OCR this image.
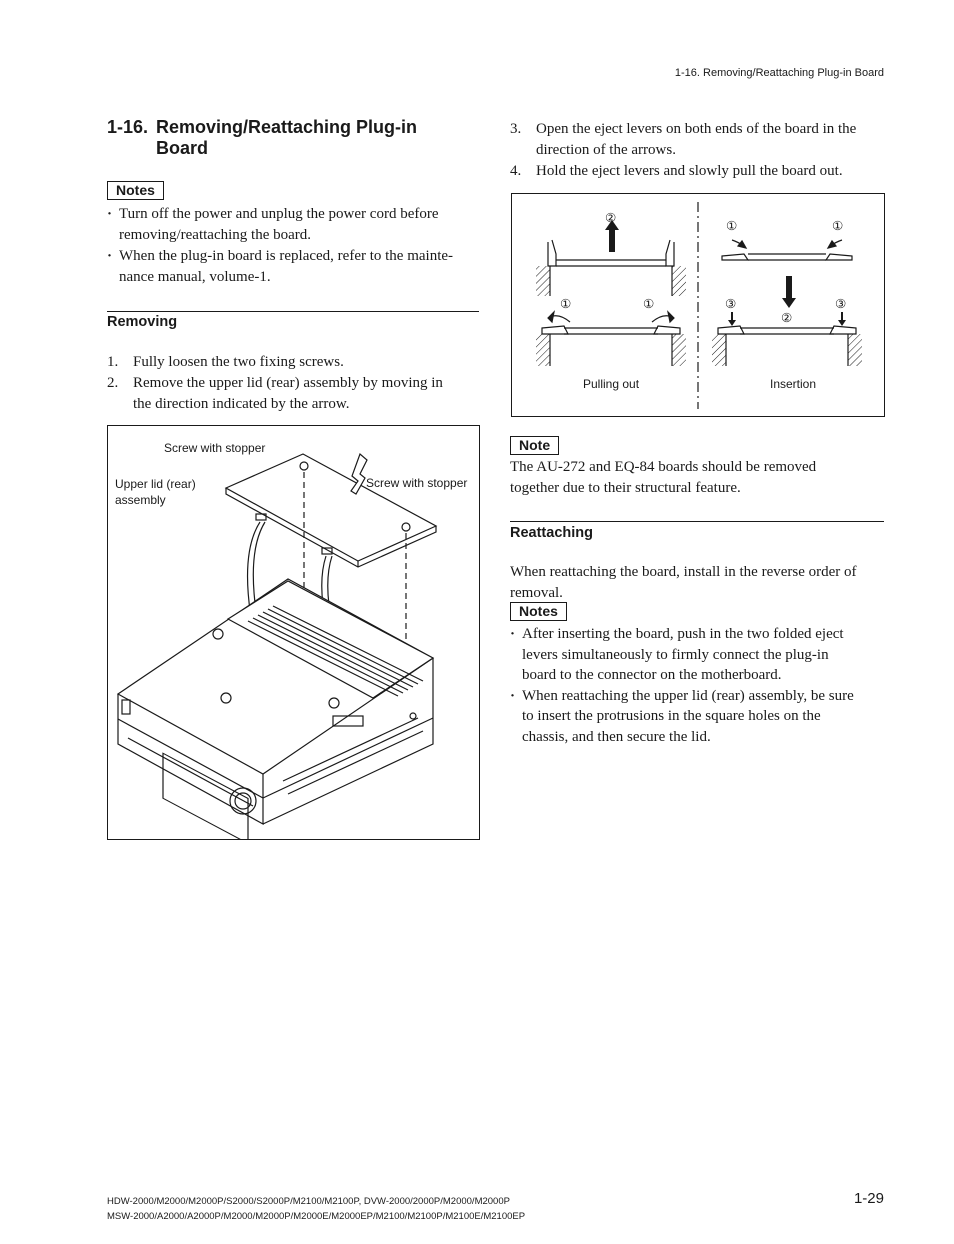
1-16. Removing/Reattaching Plug-in Board
1-16. Removing/Reattaching Plug-in
Board
Notes
· Turn off the power and unplug the power cord before
removing/reattaching the board.
· When the plug-in board is replaced, refer to the mainte-
nance manual, volume-1.
Removing
1. Fully loosen the two fixing screws.
2. Remove the upper lid (rear) assembly by moving in
the direction indicated by the arrow.
Screw with stopper
Upper lid (rear)
assembly
Screw with stopper
3. Open the eject levers on both ends of the board in the
direction of the arrows.
4. Hold the eject levers and slowly pull the board out.
②
①	①
①	①
③	③
②
Pulling out	Insertion
Note
The AU-272 and EQ-84 boards should be removed
together due to their structural feature.
Reattaching
When reattaching the board, install in the reverse order of
removal.
Notes
· After inserting the board, push in the two folded eject
levers simultaneously to firmly connect the plug-in
board to the connector on the motherboard.
· When reattaching the upper lid (rear) assembly, be sure
to insert the protrusions in the square holes on the
chassis, and then secure the lid.
HDW-2000/M2000/M2000P/S2000/S2000P/M2100/M2100P, DVW-2000/2000P/M2000/M2000P
MSW-2000/A2000/A2000P/M2000/M2000P/M2000E/M2000EP/M2100/M2100P/M2100E/M2100EP
1-29
